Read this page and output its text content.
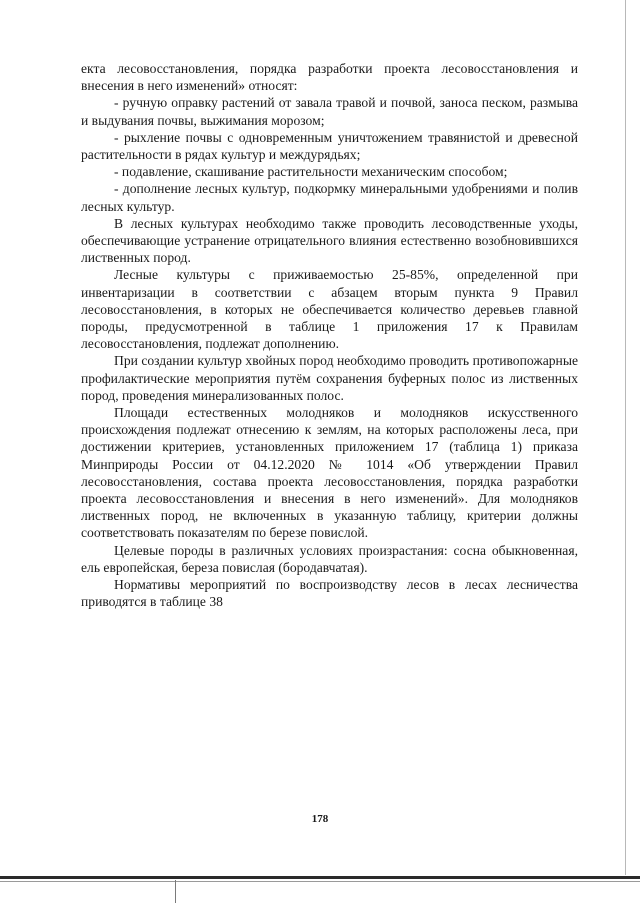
екта лесовосстановления, порядка разработки проекта лесовосстановления и внесения в него изменений» относят:

- ручную оправку растений от завала травой и почвой, заноса песком, размыва и выдувания почвы, выжимания морозом;

- рыхление почвы с одновременным уничтожением травянистой и древесной растительности в рядах культур и междурядьях;

- подавление, скашивание растительности механическим способом;

- дополнение лесных культур, подкормку минеральными удобрениями и полив лесных культур.

В лесных культурах необходимо также проводить лесоводственные уходы, обеспечивающие устранение отрицательного влияния естественно возобновившихся лиственных пород.

Лесные культуры с приживаемостью 25-85%, определенной при инвентаризации в соответствии с абзацем вторым пункта 9 Правил лесовосстановления, в которых не обеспечивается количество деревьев главной породы, предусмотренной в таблице 1 приложения 17 к Правилам лесовосстановления, подлежат дополнению.

При создании культур хвойных пород необходимо проводить противопожарные профилактические мероприятия путём сохранения буферных полос из лиственных пород, проведения минерализованных полос.

Площади естественных молодняков и молодняков искусственного происхождения подлежат отнесению к землям, на которых расположены леса, при достижении критериев, установленных приложением 17 (таблица 1) приказа Минприроды России от 04.12.2020 № 1014 «Об утверждении Правил лесовосстановления, состава проекта лесовосстановления, порядка разработки проекта лесовосстановления и внесения в него изменений». Для молодняков лиственных пород, не включенных в указанную таблицу, критерии должны соответствовать показателям по березе повислой.

Целевые породы в различных условиях произрастания: сосна обыкновенная, ель европейская, береза повислая (бородавчатая).

Нормативы мероприятий по воспроизводству лесов в лесах лесничества приводятся в таблице 38

178
